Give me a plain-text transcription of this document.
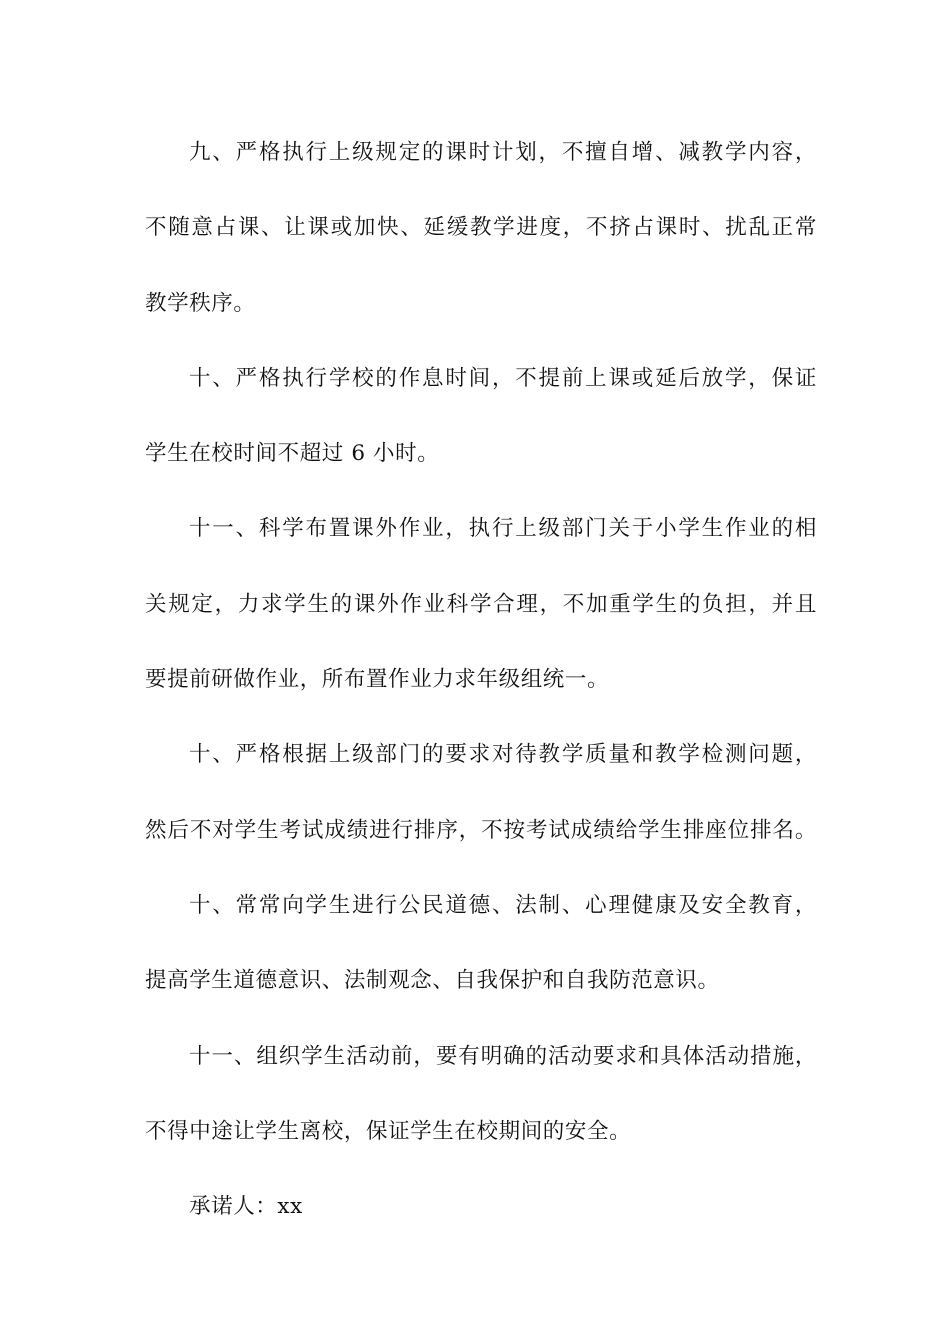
九、严格执行上级规定的课时计划，不擅自增、减教学内容，
不随意占课、让课或加快、延缓教学进度，不挤占课时、扰乱正常
教学秩序。
十、严格执行学校的作息时间，不提前上课或延后放学，保证
学生在校时间不超过 6 小时。
十一、科学布置课外作业，执行上级部门关于小学生作业的相
关规定，力求学生的课外作业科学合理，不加重学生的负担，并且
要提前研做作业，所布置作业力求年级组统一。
十、严格根据上级部门的要求对待教学质量和教学检测问题，
然后不对学生考试成绩进行排序，不按考试成绩给学生排座位排名。
十、常常向学生进行公民道德、法制、心理健康及安全教育，
提高学生道德意识、法制观念、自我保护和自我防范意识。
十一、组织学生活动前，要有明确的活动要求和具体活动措施，
不得中途让学生离校，保证学生在校期间的安全。
承诺人：xx
